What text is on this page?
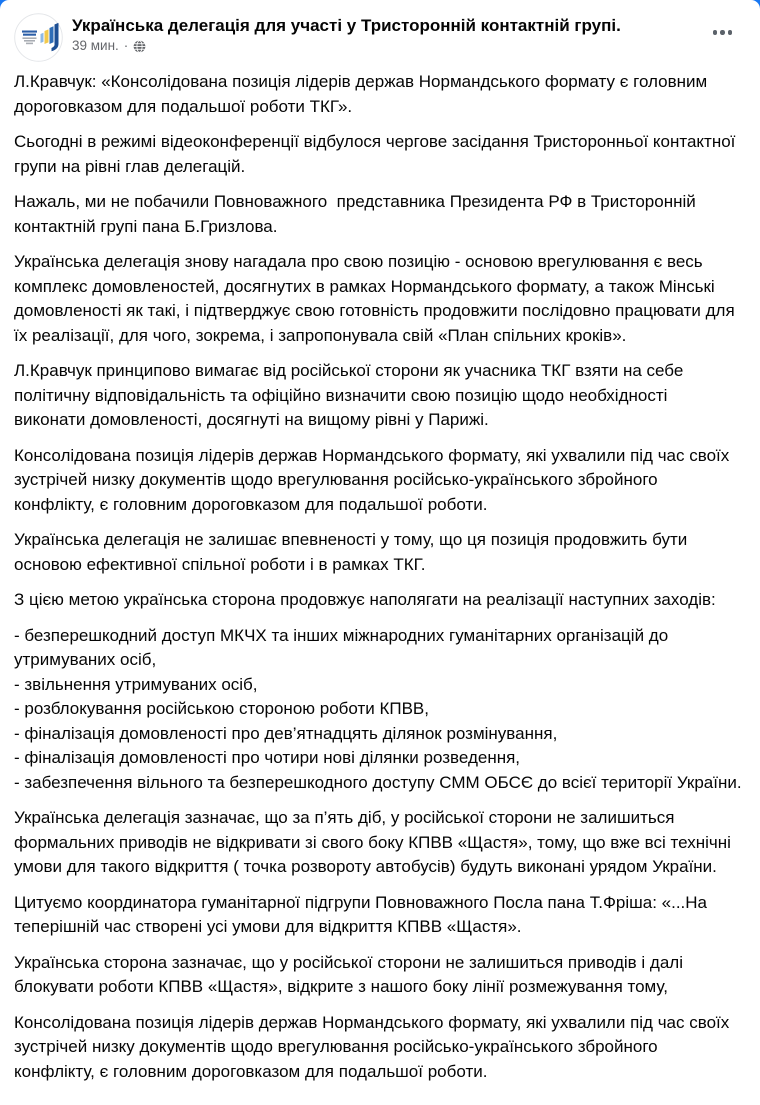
Українська делегація для участі у Тристоронній контактній групі.
39 мин. ·

Л.Кравчук: «Консолідована позиція лідерів держав Нормандського формату є головним дороговказом для подальшої роботи ТКГ».

Сьогодні в режимі відеоконференції відбулося чергове засідання Тристоронньої контактної групи на рівні глав делегацій.

Нажаль, ми не побачили Повноважного  представника Президента РФ в Тристоронній контактній групі пана Б.Гризлова.

Українська делегація знову нагадала про свою позицію - основою врегулювання є весь комплекс домовленостей, досягнутих в рамках Нормандського формату, а також Мінські домовленості як такі, і підтверджує свою готовність продовжити послідовно працювати для їх реалізації, для чого, зокрема, і запропонувала свій «План спільних кроків».

Л.Кравчук принципово вимагає від російської сторони як учасника ТКГ взяти на себе політичну відповідальність та офіційно визначити свою позицію щодо необхідності виконати домовленості, досягнуті на вищому рівні у Парижі.

Консолідована позиція лідерів держав Нормандського формату, які ухвалили під час своїх зустрічей низку документів щодо врегулювання російсько-українського збройного конфлікту, є головним дороговказом для подальшої роботи.

Українська делегація не залишає впевненості у тому, що ця позиція продовжить бути основою ефективної спільної роботи і в рамках ТКГ.

З цією метою українська сторона продовжує наполягати на реалізації наступних заходів:

- безперешкодний доступ МКЧХ та інших міжнародних гуманітарних організацій до утримуваних осіб,
- звільнення утримуваних осіб,
- розблокування російською стороною роботи КПВВ,
- фіналізація домовленості про дев’ятнадцять ділянок розмінування,
- фіналізація домовленості про чотири нові ділянки розведення,
- забезпечення вільного та безперешкодного доступу СММ ОБСЄ до всієї території України.

Українська делегація зазначає, що за п’ять діб, у російської сторони не залишиться формальних приводів не відкривати зі свого боку КПВВ «Щастя», тому, що вже всі технічні умови для такого відкриття ( точка розвороту автобусів) будуть виконані урядом України.

Цитуємо координатора гуманітарної підгрупи Повноважного Посла пана Т.Фріша: «...На теперішній час створені усі умови для відкриття КПВВ «Щастя».

Українська сторона зазначає, що у російської сторони не залишиться приводів і далі блокувати роботи КПВВ «Щастя», відкрите з нашого боку лінії розмежування тому,

Консолідована позиція лідерів держав Нормандського формату, які ухвалили під час своїх зустрічей низку документів щодо врегулювання російсько-українського збройного конфлікту, є головним дороговказом для подальшої роботи.
